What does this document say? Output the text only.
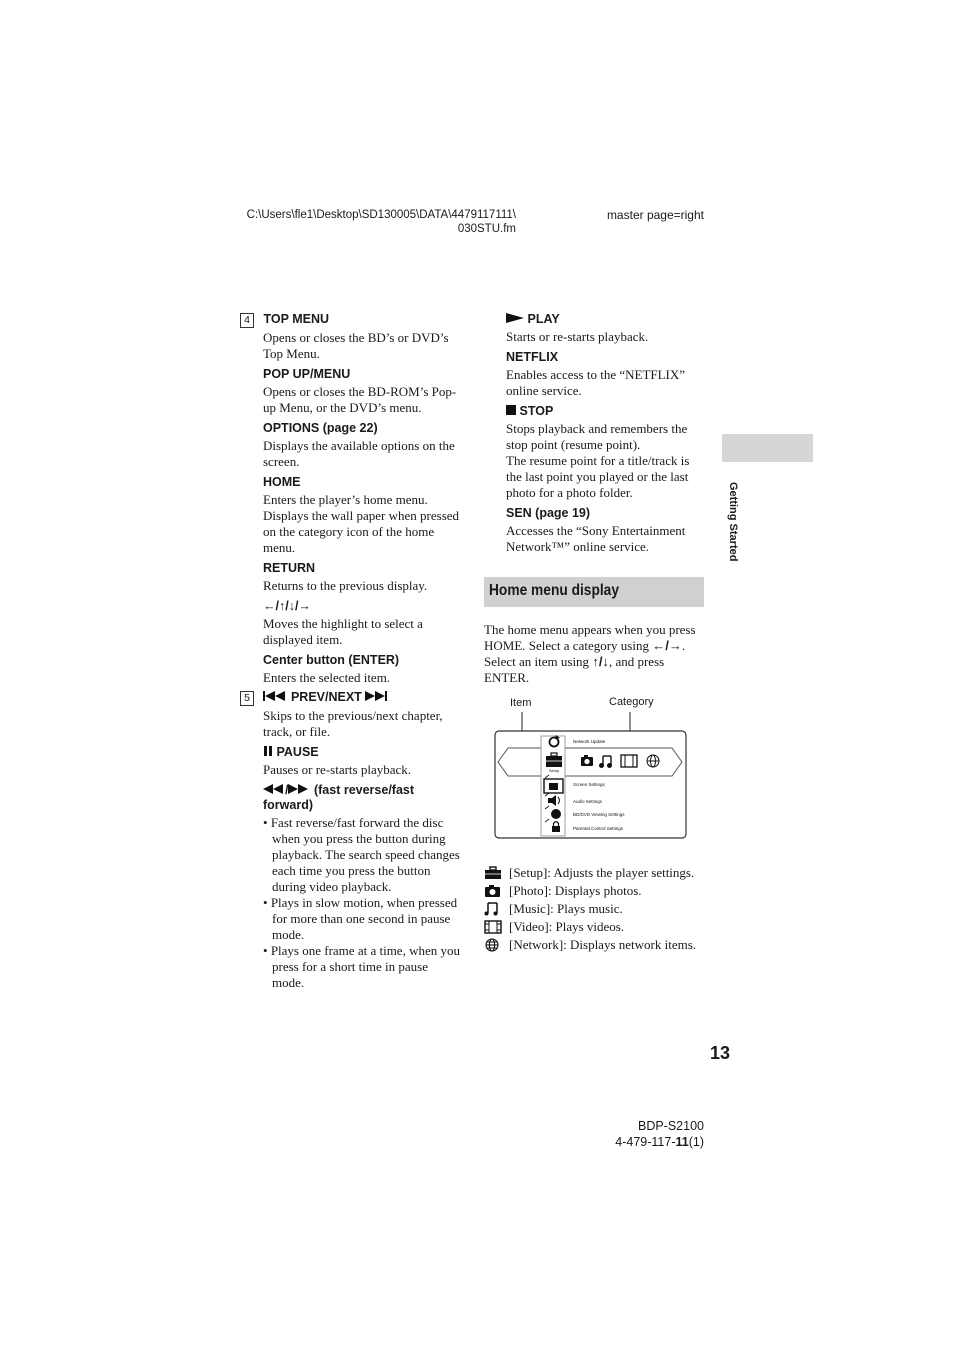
C:\Users\fle1\Desktop\SD130005\DATA\4479117111\
030STU.fm
master page=right
4 TOP MENU
Opens or closes the BD’s or DVD’s Top Menu.
POP UP/MENU
Opens or closes the BD-ROM’s Pop-up Menu, or the DVD’s menu.
OPTIONS (page 22)
Displays the available options on the screen.
HOME
Enters the player’s home menu. Displays the wall paper when pressed on the category icon of the home menu.
RETURN
Returns to the previous display.
←/↑/↓/→
Moves the highlight to select a displayed item.
Center button (ENTER)
Enters the selected item.
5	PREV/NEXT
Skips to the previous/next chapter, track, or file.
PAUSE
Pauses or re-starts playback.
/ (fast reverse/fast forward)
• Fast reverse/fast forward the disc when you press the button during playback. The search speed changes each time you press the button during video playback.
• Plays in slow motion, when pressed for more than one second in pause mode.
• Plays one frame at a time, when you press for a short time in pause mode.
PLAY
Starts or re-starts playback.
NETFLIX
Enables access to the “NETFLIX” online service.
STOP
Stops playback and remembers the stop point (resume point).
The resume point for a title/track is the last point you played or the last photo for a photo folder.
SEN (page 19)
Accesses the “Sony Entertainment Network™” online service.	Getting Started
Home menu display
The home menu appears when you press HOME. Select a category using ←/→. Select an item using ↑/↓, and press ENTER.
Item	Category
Network Update
Setup
Screen Settings
Audio Settings
BD/DVD Viewing Settings
Parental Control Settings
[Setup]: Adjusts the player settings.
[Photo]: Displays photos.
[Music]: Plays music.
[Video]: Plays videos.
[Network]: Displays network items.
13
BDP-S2100
4-479-117-11(1)
